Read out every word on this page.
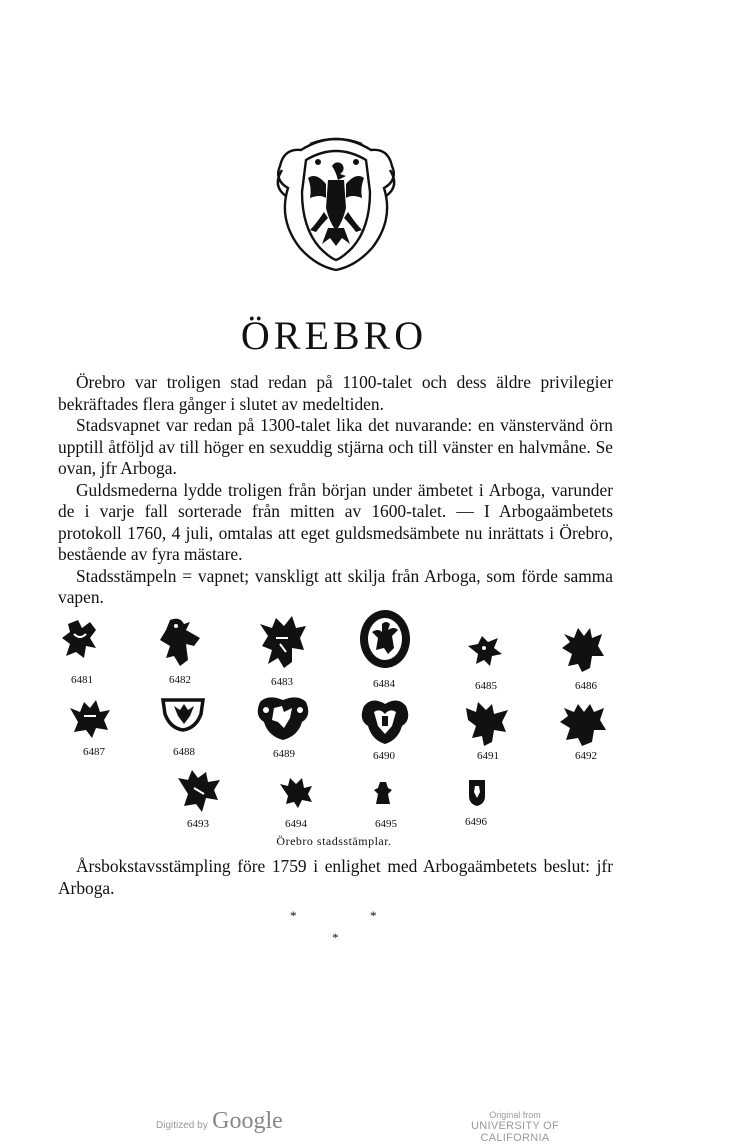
ÖREBRO

Örebro var troligen stad redan på 1100-talet och dess äldre privilegier bekräftades flera gånger i slutet av medeltiden.

Stadsvapnet var redan på 1300-talet lika det nuvarande: en vänstervänd örn upptill åtföljd av till höger en sexuddig stjärna och till vänster en halvmåne. Se ovan, jfr Arboga.

Guldsmederna lydde troligen från början under ämbetet i Arboga, varunder de i varje fall sorterade från mitten av 1600-talet. — I Arbogaämbetets protokoll 1760, 4 juli, omtalas att eget guldsmedsämbete nu inrättats i Örebro, bestående av fyra mästare.

Stadsstämpeln = vapnet; vanskligt att skilja från Arboga, som förde samma vapen.

6481	6482	6483	6484	6485	6486
6487	6488	6489	6490	6491	6492
6493	6494	6495	6496
Örebro stadsstämplar.

Årsbokstavsstämpling före 1759 i enlighet med Arbogaämbetets beslut: jfr Arboga.

*	*
*
Digitized by Google	Original from
UNIVERSITY OF CALIFORNIA
